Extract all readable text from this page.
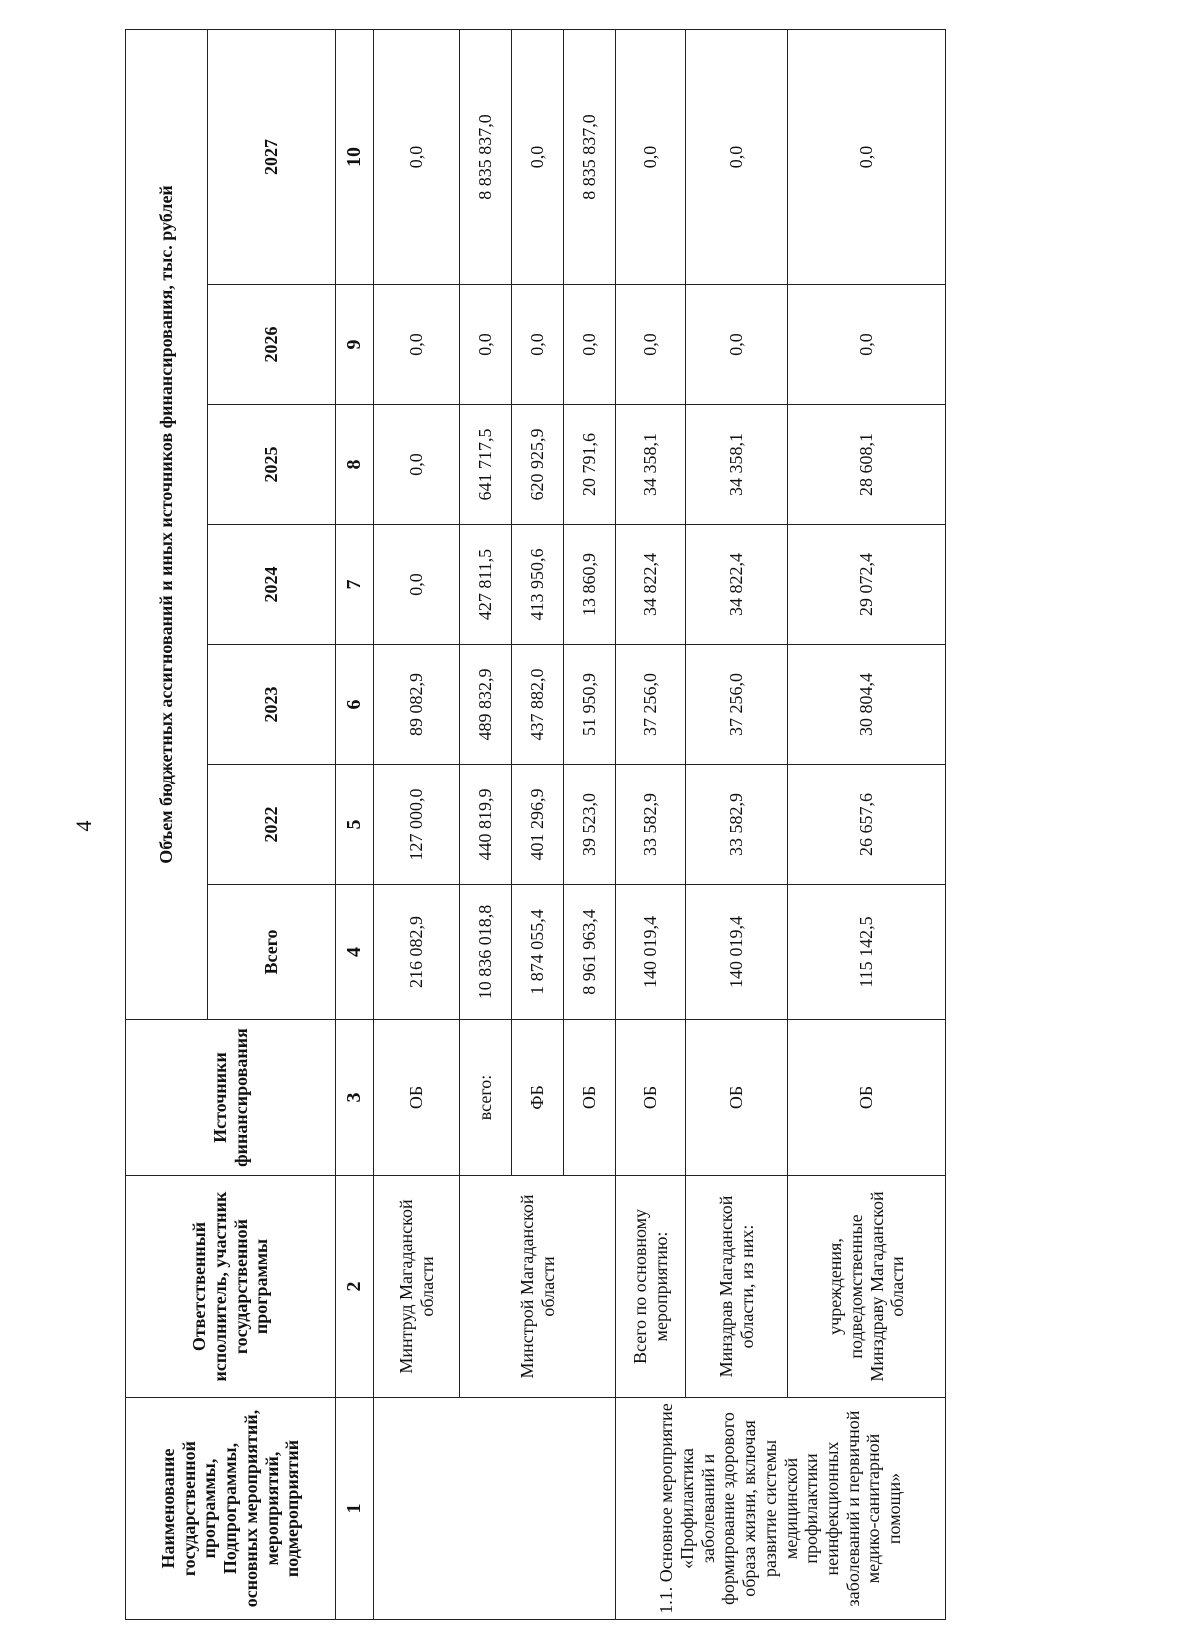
4
Наименование государственной программы, Подпрограммы, основных мероприятий, мероприятий, подмероприятий	Ответственный исполнитель, участник государственной программы	Источники финансирования	Объем бюджетных ассигнований и иных источников финансирования, тыс. рублей						
			Всего	2022	2023	2024	2025	2026	2027
1	2	3	4	5	6	7	8	9	10
	Минтруд Магаданской области	ОБ	216 082,9	127 000,0	89 082,9	0,0	0,0	0,0	0,0
	Минстрой Магаданской области	всего:	10 836 018,8	440 819,9	489 832,9	427 811,5	641 717,5	0,0	8 835 837,0
		ФБ	1 874 055,4	401 296,9	437 882,0	413 950,6	620 925,9	0,0	0,0
		ОБ	8 961 963,4	39 523,0	51 950,9	13 860,9	20 791,6	0,0	8 835 837,0
1.1. Основное мероприятие «Профилактика заболеваний и формирование здорового образа жизни, включая развитие системы медицинской профилактики неинфекционных заболеваний и первичной медико-санитарной помощи»	Всего по основному мероприятию:	ОБ	140 019,4	33 582,9	37 256,0	34 822,4	34 358,1	0,0	0,0
	Минздрав Магаданской области, из них:	ОБ	140 019,4	33 582,9	37 256,0	34 822,4	34 358,1	0,0	0,0
	учреждения, подведомственные Минздраву Магаданской области	ОБ	115 142,5	26 657,6	30 804,4	29 072,4	28 608,1	0,0	0,0
